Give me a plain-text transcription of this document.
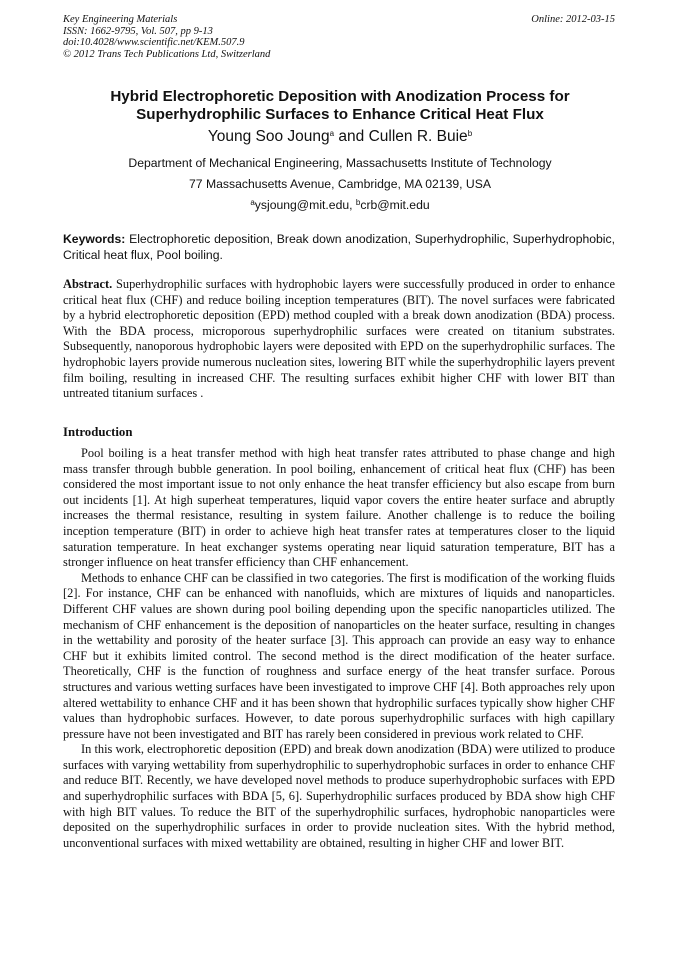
Key Engineering Materials
ISSN: 1662-9795, Vol. 507, pp 9-13
doi:10.4028/www.scientific.net/KEM.507.9
© 2012 Trans Tech Publications Ltd, Switzerland
Online: 2012-03-15
Hybrid Electrophoretic Deposition with Anodization Process for
Superhydrophilic Surfaces to Enhance Critical Heat Flux
Young Soo Joung$^a$ and Cullen R. Buie$^b$
Department of Mechanical Engineering, Massachusetts Institute of Technology
77 Massachusetts Avenue, Cambridge, MA 02139, USA
$^a$ysjoung@mit.edu, $^b$crb@mit.edu
Keywords: Electrophoretic deposition, Break down anodization, Superhydrophilic, Superhydrophobic, Critical heat flux, Pool boiling.

Abstract. Superhydrophilic surfaces with hydrophobic layers were successfully produced in order to enhance critical heat flux (CHF) and reduce boiling inception temperatures (BIT). The novel surfaces were fabricated by a hybrid electrophoretic deposition (EPD) method coupled with a break down anodization (BDA) process. With the BDA process, microporous superhydrophilic surfaces were created on titanium substrates. Subsequently, nanoporous hydrophobic layers were deposited with EPD on the superhydrophilic surfaces. The hydrophobic layers provide numerous nucleation sites, lowering BIT while the superhydrophilic layers prevent film boiling, resulting in increased CHF. The resulting surfaces exhibit higher CHF with lower BIT than untreated titanium surfaces .

Introduction

Pool boiling is a heat transfer method with high heat transfer rates attributed to phase change and high mass transfer through bubble generation. In pool boiling, enhancement of critical heat flux (CHF) has been considered the most important issue to not only enhance the heat transfer efficiency but also escape from burn out incidents [1]. At high superheat temperatures, liquid vapor covers the entire heater surface and abruptly increases the thermal resistance, resulting in system failure. Another challenge is to reduce the boiling inception temperature (BIT) in order to achieve high heat transfer rates at temperatures closer to the liquid saturation temperature. In heat exchanger systems operating near liquid saturation temperature, BIT has a stronger influence on heat transfer efficiency than CHF enhancement.

Methods to enhance CHF can be classified in two categories. The first is modification of the working fluids [2]. For instance, CHF can be enhanced with nanofluids, which are mixtures of liquids and nanoparticles. Different CHF values are shown during pool boiling depending upon the specific nanoparticles utilized. The mechanism of CHF enhancement is the deposition of nanoparticles on the heater surface, resulting in changes in the wettability and porosity of the heater surface [3]. This approach can provide an easy way to enhance CHF but it exhibits limited control. The second method is the direct modification of the heater surface. Theoretically, CHF is the function of roughness and surface energy of the heat transfer surface. Porous structures and various wetting surfaces have been investigated to improve CHF [4]. Both approaches rely upon altered wettability to enhance CHF and it has been shown that hydrophilic surfaces typically show higher CHF values than hydrophobic surfaces. However, to date porous superhydrophilic surfaces with high capillary pressure have not been investigated and BIT has rarely been considered in previous work related to CHF.

In this work, electrophoretic deposition (EPD) and break down anodization (BDA) were utilized to produce surfaces with varying wettability from superhydrophilic to superhydrophobic surfaces in order to enhance CHF and reduce BIT. Recently, we have developed novel methods to produce superhydrophobic surfaces with EPD and superhydrophilic surfaces with BDA [5, 6]. Superhydrophilic surfaces produced by BDA show high CHF with high BIT values. To reduce the BIT of the superhydrophilic surfaces, hydrophobic nanoparticles were deposited on the superhydrophilic surfaces in order to provide nucleation sites. With the hybrid method, unconventional surfaces with mixed wettability are obtained, resulting in higher CHF and lower BIT.
